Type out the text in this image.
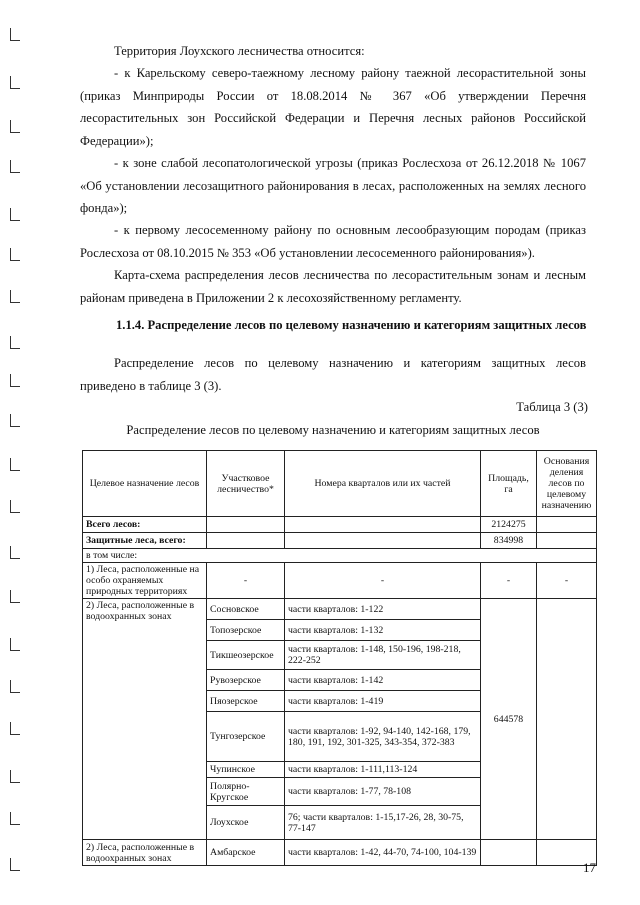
Территория Лоухского лесничества относится:

- к Карельскому северо-таежному лесному району таежной лесорастительной зоны (приказ Минприроды России от 18.08.2014 № 367 «Об утверждении Перечня лесорастительных зон Российской Федерации и Перечня лесных районов Российской Федерации»);

- к зоне слабой лесопатологической угрозы (приказ Рослесхоза от 26.12.2018 № 1067 «Об установлении лесозащитного районирования в лесах, расположенных на землях лесного фонда»);

- к первому лесосеменному району по основным лесообразующим породам (приказ Рослесхоза от 08.10.2015 № 353 «Об установлении лесосеменного районирования»).

Карта-схема распределения лесов лесничества по лесорастительным зонам и лесным районам приведена в Приложении 2 к лесохозяйственному регламенту.

1.1.4. Распределение лесов по целевому назначению и категориям защитных лесов

Распределение лесов по целевому назначению и категориям защитных лесов приведено в таблице 3 (3).

Таблица 3 (3)

Распределение лесов по целевому назначению и категориям защитных лесов

Целевое назначение лесов	Участковое лесничество*	Номера кварталов или их частей	Площадь, га	Основания деления лесов по целевому назначению
Всего лесов:			2124275	
Защитные леса, всего:			834998	
в том числе:				
1) Леса, расположенные на особо охраняемых природных территориях	-	-	-	-
2) Леса, расположенные в водоохранных зонах	Сосновское	части кварталов: 1-122	644578	
	Топозерское	части кварталов: 1-132		
	Тикшеозерское	части кварталов: 1-148, 150-196, 198-218, 222-252		
	Рувозерское	части кварталов: 1-142		
	Пяозерское	части кварталов: 1-419		
	Тунгозерское	части кварталов: 1-92, 94-140, 142-168, 179, 180, 191, 192, 301-325, 343-354, 372-383		
	Чупинское	части кварталов: 1-111,113-124		
	Полярно-Кругское	части кварталов: 1-77, 78-108		
	Лоухское	76; части кварталов: 1-15,17-26, 28, 30-75, 77-147		
2) Леса, расположенные в водоохранных зонах	Амбарское	части кварталов: 1-42, 44-70, 74-100, 104-139		

17
